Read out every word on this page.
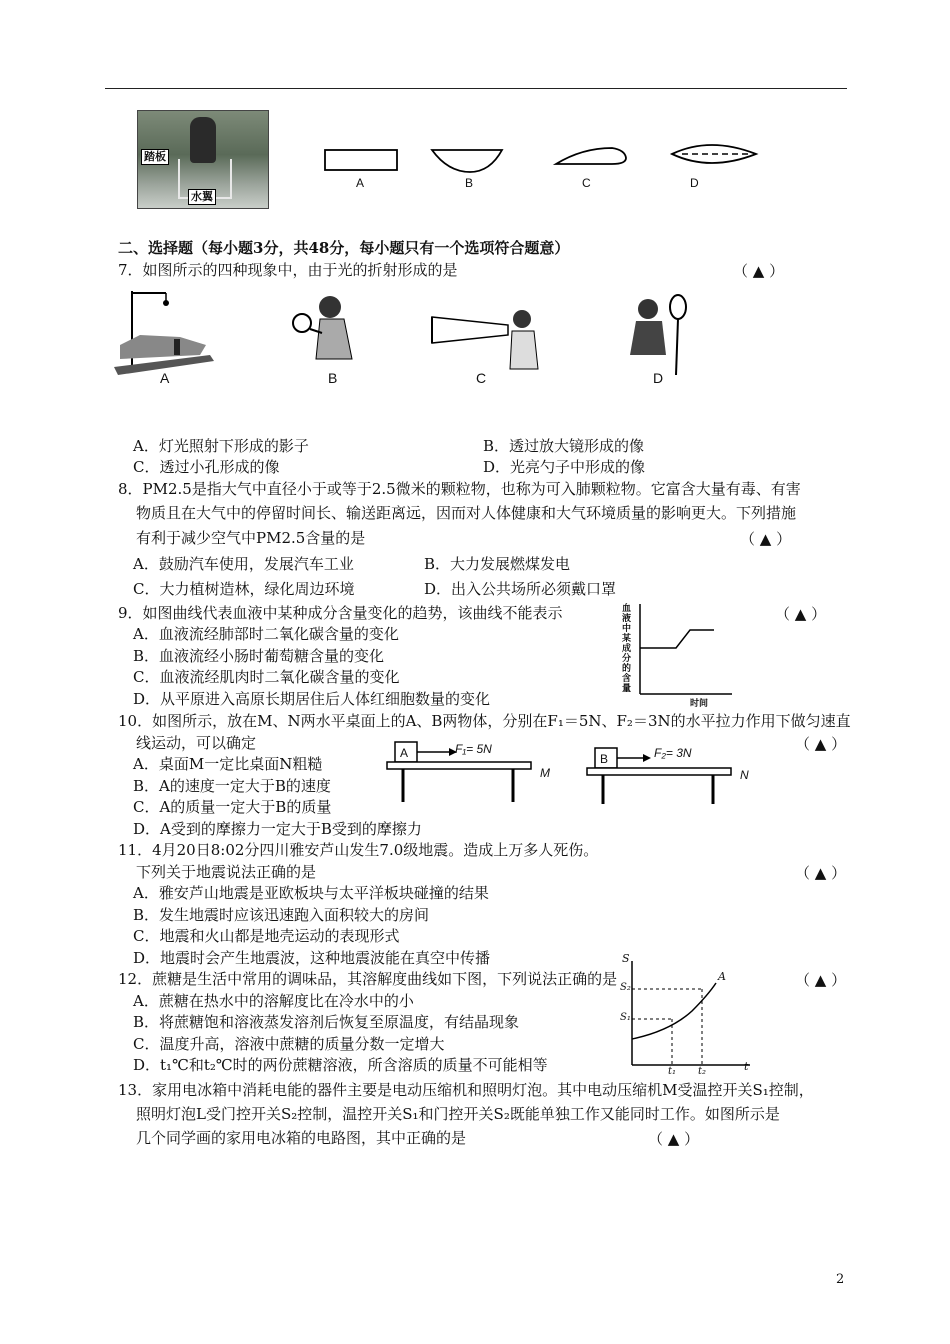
踏板
水翼
A	B	C	D
二、选择题（每小题3分，共48分，每小题只有一个选项符合题意）
7．如图所示的四种现象中，由于光的折射形成的是	（ ▲ ）
A	B	C	D
A．灯光照射下形成的影子	B．透过放大镜形成的像
C．透过小孔形成的像	D．光亮勺子中形成的像
8．PM2.5是指大气中直径小于或等于2.5微米的颗粒物，也称为可入肺颗粒物。它富含大量有毒、有害
物质且在大气中的停留时间长、输送距离远，因而对人体健康和大气环境质量的影响更大。下列措施
有利于减少空气中PM2.5含量的是	（ ▲ ）
A．鼓励汽车使用，发展汽车工业	B．大力发展燃煤发电
C．大力植树造林，绿化周边环境	D．出入公共场所必须戴口罩
9．如图曲线代表血液中某种成分含量变化的趋势，该曲线不能表示	（ ▲ ）
A．血液流经肺部时二氧化碳含量的变化
B．血液流经小肠时葡萄糖含量的变化
C．血液流经肌肉时二氧化碳含量的变化
D．从平原进入高原长期居住后人体红细胞数量的变化
血液中某成分的含量
时间
10．如图所示，放在M、N两水平桌面上的A、B两物体，分别在F₁＝5N、F₂＝3N的水平拉力作用下做匀速直
线运动，可以确定	（ ▲ ）
A．桌面M一定比桌面N粗糙
B．A的速度一定大于B的速度
C．A的质量一定大于B的质量
D．A受到的摩擦力一定大于B受到的摩擦力
A	F₁= 5N
M
B	F₂= 3N
N
11．4月20日8:02分四川雅安芦山发生7.0级地震。造成上万多人死伤。
下列关于地震说法正确的是	（ ▲ ）
A．雅安芦山地震是亚欧板块与太平洋板块碰撞的结果
B．发生地震时应该迅速跑入面积较大的房间
C．地震和火山都是地壳运动的表现形式
D．地震时会产生地震波，这种地震波能在真空中传播
12．蔗糖是生活中常用的调味品，其溶解度曲线如下图，下列说法正确的是	（ ▲ ）
A．蔗糖在热水中的溶解度比在冷水中的小
B．将蔗糖饱和溶液蒸发溶剂后恢复至原温度，有结晶现象
C．温度升高，溶液中蔗糖的质量分数一定增大
D．t₁℃和t₂℃时的两份蔗糖溶液，所含溶质的质量不可能相等
S
S₂
S₁
A
t₁ t₂	t
13．家用电冰箱中消耗电能的器件主要是电动压缩机和照明灯泡。其中电动压缩机M受温控开关S₁控制，
照明灯泡L受门控开关S₂控制，温控开关S₁和门控开关S₂既能单独工作又能同时工作。如图所示是
几个同学画的家用电冰箱的电路图，其中正确的是	（ ▲ ）
2
